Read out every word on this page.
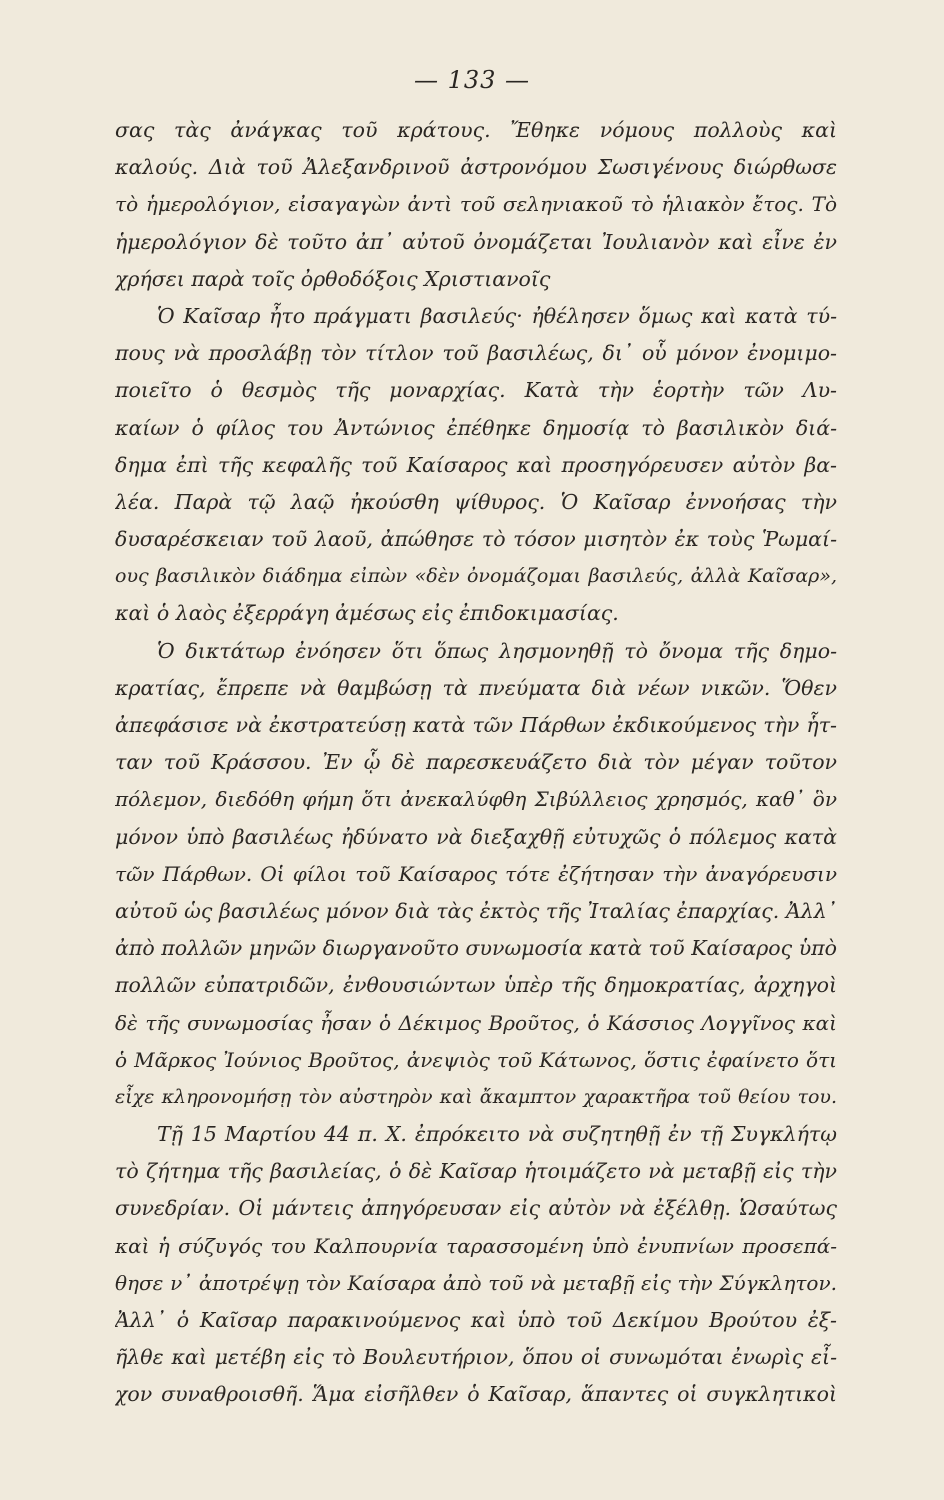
— 133 —
σας τὰς ἀνάγκας τοῦ κράτους. Ἔθηκε νόμους πολλοὺς καὶ
καλούς. Διὰ τοῦ Ἀλεξανδρινοῦ ἀστρονόμου Σωσιγένους διώρθωσε
τὸ ἡμερολόγιον, εἰσαγαγὼν ἀντὶ τοῦ σεληνιακοῦ τὸ ἡλιακὸν ἔτος. Τὸ
ἡμερολόγιον δὲ τοῦτο ἀπ᾽ αὐτοῦ ὀνομάζεται Ἰουλιανὸν καὶ εἶνε ἐν
χρήσει παρὰ τοῖς ὀρθοδόξοις Χριστιανοῖς
Ὁ Καῖσαρ ἦτο πράγματι βασιλεύς· ἠθέλησεν ὅμως καὶ κατὰ τύ-
πους νὰ προσλάβῃ τὸν τίτλον τοῦ βασιλέως, δι᾽ οὗ μόνον ἐνομιμο-
ποιεῖτο ὁ θεσμὸς τῆς μοναρχίας. Κατὰ τὴν ἑορτὴν τῶν Λυ-
καίων ὁ φίλος του Ἀντώνιος ἐπέθηκε δημοσίᾳ τὸ βασιλικὸν διά-
δημα ἐπὶ τῆς κεφαλῆς τοῦ Καίσαρος καὶ προσηγόρευσεν αὐτὸν βα-
λέα. Παρὰ τῷ λαῷ ἠκούσθη ψίθυρος. Ὁ Καῖσαρ ἐννοήσας τὴν
δυσαρέσκειαν τοῦ λαοῦ, ἀπώθησε τὸ τόσον μισητὸν ἐκ τοὺς Ῥωμαί-
ους βασιλικὸν διάδημα εἰπὼν «δὲν ὀνομάζομαι βασιλεύς, ἀλλὰ Καῖσαρ»,
καὶ ὁ λαὸς ἐξερράγη ἀμέσως εἰς ἐπιδοκιμασίας.
Ὁ δικτάτωρ ἐνόησεν ὅτι ὅπως λησμονηθῇ τὸ ὄνομα τῆς δημο-
κρατίας, ἔπρεπε νὰ θαμβώσῃ τὰ πνεύματα διὰ νέων νικῶν. Ὅθεν
ἀπεφάσισε νὰ ἐκστρατεύσῃ κατὰ τῶν Πάρθων ἐκδικούμενος τὴν ἧτ-
ταν τοῦ Κράσσου. Ἐν ᾧ δὲ παρεσκευάζετο διὰ τὸν μέγαν τοῦτον
πόλεμον, διεδόθη φήμη ὅτι ἀνεκαλύφθη Σιβύλλειος χρησμός, καθ᾽ ὃν
μόνον ὑπὸ βασιλέως ἠδύνατο νὰ διεξαχθῇ εὐτυχῶς ὁ πόλεμος κατὰ
τῶν Πάρθων. Οἱ φίλοι τοῦ Καίσαρος τότε ἐζήτησαν τὴν ἀναγόρευσιν
αὐτοῦ ὡς βασιλέως μόνον διὰ τὰς ἐκτὸς τῆς Ἰταλίας ἐπαρχίας. Ἀλλ᾽
ἀπὸ πολλῶν μηνῶν διωργανοῦτο συνωμοσία κατὰ τοῦ Καίσαρος ὑπὸ
πολλῶν εὐπατριδῶν, ἐνθουσιώντων ὑπὲρ τῆς δημοκρατίας, ἀρχηγοὶ
δὲ τῆς συνωμοσίας ἦσαν ὁ Δέκιμος Βροῦτος, ὁ Κάσσιος Λογγῖνος καὶ
ὁ Μᾶρκος Ἰούνιος Βροῦτος, ἀνεψιὸς τοῦ Κάτωνος, ὅστις ἐφαίνετο ὅτι
εἶχε κληρονομήσῃ τὸν αὐστηρὸν καὶ ἄκαμπτον χαρακτῆρα τοῦ θείου του.
Τῇ 15 Μαρτίου 44 π. Χ. ἐπρόκειτο νὰ συζητηθῇ ἐν τῇ Συγκλήτῳ
τὸ ζήτημα τῆς βασιλείας, ὁ δὲ Καῖσαρ ἡτοιμάζετο νὰ μεταβῇ εἰς τὴν
συνεδρίαν. Οἱ μάντεις ἀπηγόρευσαν εἰς αὐτὸν νὰ ἐξέλθῃ. Ὡσαύτως
καὶ ἡ σύζυγός του Καλπουρνία ταρασσομένη ὑπὸ ἐνυπνίων προσεπά-
θησε ν᾽ ἀποτρέψῃ τὸν Καίσαρα ἀπὸ τοῦ νὰ μεταβῇ εἰς τὴν Σύγκλητον.
Ἀλλ᾽ ὁ Καῖσαρ παρακινούμενος καὶ ὑπὸ τοῦ Δεκίμου Βρούτου ἐξ-
ῆλθε καὶ μετέβη εἰς τὸ Βουλευτήριον, ὅπου οἱ συνωμόται ἐνωρὶς εἶ-
χον συναθροισθῆ. Ἅμα εἰσῆλθεν ὁ Καῖσαρ, ἅπαντες οἱ συγκλητικοὶ
